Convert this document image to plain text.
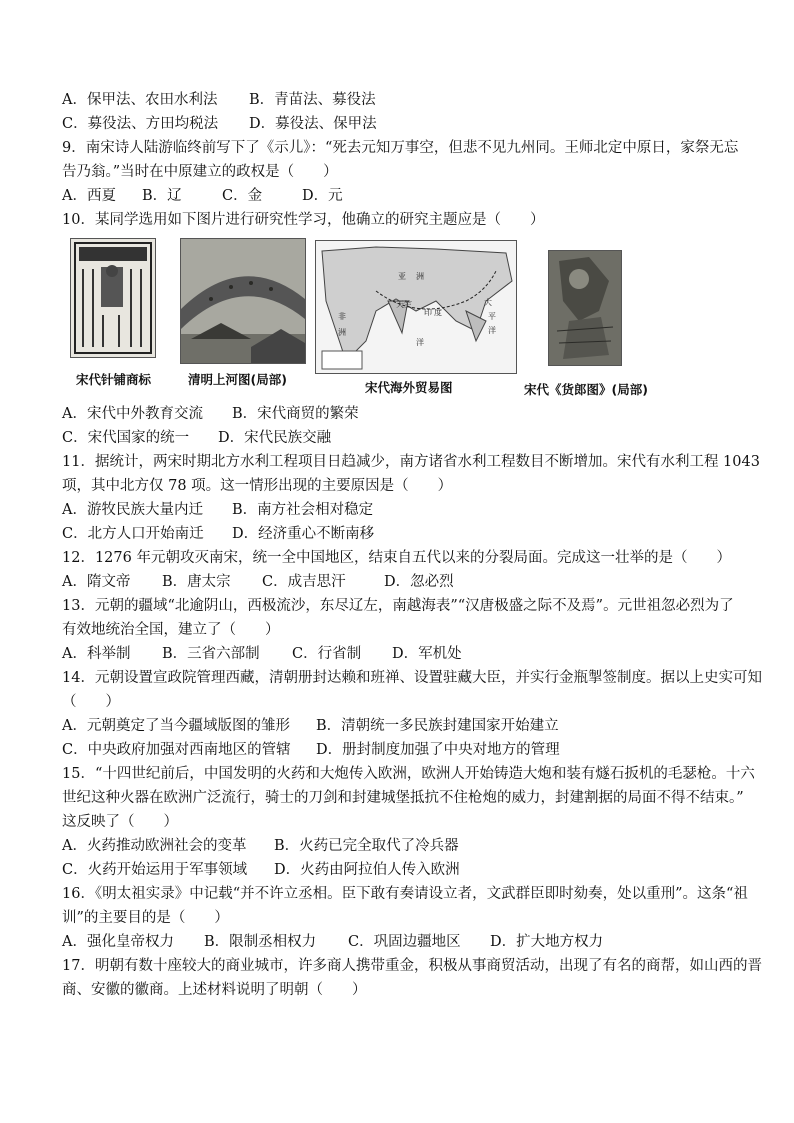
A．保甲法、农田水利法	B．青苗法、募役法
C．募役法、方田均税法	D．募役法、保甲法
9．南宋诗人陆游临终前写下了《示儿》：“死去元知万事空，但悲不见九州同。王师北定中原日，家祭无忘
告乃翁。”当时在中原建立的政权是（　　）
A．西夏	B．辽	C．金	D．元
10．某同学选用如下图片进行研究性学习，他确立的研究主题应是（　　）
宋代针铺商标	清明上河图(局部)
亚 洲
天竺
印 度
洋
大
平
洋
非
洲
宋代海外贸易图	宋代《货郎图》(局部)
A．宋代中外教育交流	B．宋代商贸的繁荣
C．宋代国家的统一	D．宋代民族交融
11．据统计，两宋时期北方水利工程项目日趋减少，南方诸省水利工程数目不断增加。宋代有水利工程 1043
项，其中北方仅 78 项。这一情形出现的主要原因是（　　）
A．游牧民族大量内迁	B．南方社会相对稳定
C．北方人口开始南迁	D．经济重心不断南移
12．1276 年元朝攻灭南宋，统一全中国地区，结束自五代以来的分裂局面。完成这一壮举的是（　　）
A．隋文帝	B．唐太宗	C．成吉思汗	D．忽必烈
13．元朝的疆域“北逾阴山，西极流沙，东尽辽左，南越海表”“汉唐极盛之际不及焉”。元世祖忽必烈为了
有效地统治全国，建立了（　　）
A．科举制	B．三省六部制	C．行省制	D．军机处
14．元朝设置宣政院管理西藏，清朝册封达赖和班禅、设置驻藏大臣，并实行金瓶掣签制度。据以上史实可知
（　　）
A．元朝奠定了当今疆域版图的雏形	B．清朝统一多民族封建国家开始建立
C．中央政府加强对西南地区的管辖	D．册封制度加强了中央对地方的管理
15．“十四世纪前后，中国发明的火药和大炮传入欧洲，欧洲人开始铸造大炮和装有燧石扳机的毛瑟枪。十六
世纪这种火器在欧洲广泛流行，骑士的刀剑和封建城堡抵抗不住枪炮的威力，封建割据的局面不得不结束。”
这反映了（　　）
A．火药推动欧洲社会的变革	B．火药已完全取代了冷兵器
C．火药开始运用于军事领域	D．火药由阿拉伯人传入欧洲
16．《明太祖实录》中记载“并不许立丞相。臣下敢有奏请设立者，文武群臣即时劾奏，处以重刑”。这条“祖
训”的主要目的是（　　）
A．强化皇帝权力	B．限制丞相权力	C．巩固边疆地区	D．扩大地方权力
17．明朝有数十座较大的商业城市，许多商人携带重金，积极从事商贸活动，出现了有名的商帮，如山西的晋
商、安徽的徽商。上述材料说明了明朝（　　）
